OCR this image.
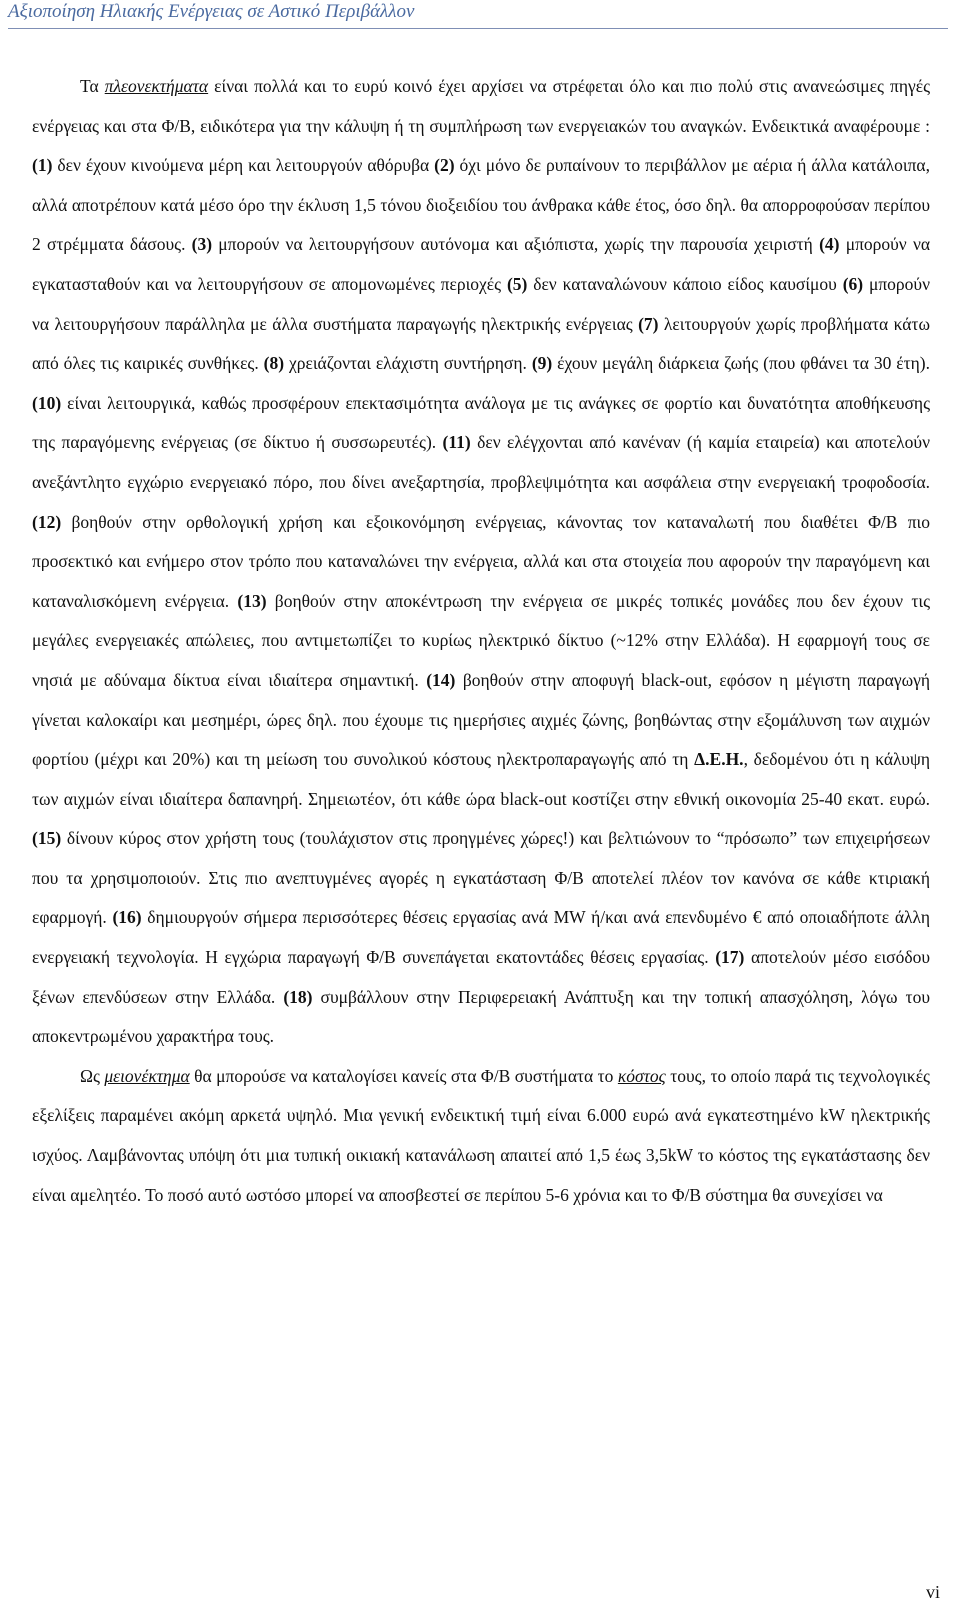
Αξιοποίηση Ηλιακής Ενέργειας σε Αστικό Περιβάλλον

Τα πλεονεκτήματα είναι πολλά και το ευρύ κοινό έχει αρχίσει να στρέφεται όλο και πιο πολύ στις ανανεώσιμες πηγές ενέργειας και στα Φ/Β, ειδικότερα για την κάλυψη ή τη συμπλήρωση των ενεργειακών του αναγκών. Ενδεικτικά αναφέρουμε : (1) δεν έχουν κινούμενα μέρη και λειτουργούν αθόρυβα (2) όχι μόνο δε ρυπαίνουν το περιβάλλον με αέρια ή άλλα κατάλοιπα, αλλά αποτρέπουν κατά μέσο όρο την έκλυση 1,5 τόνου διοξειδίου του άνθρακα κάθε έτος, όσο δηλ. θα απορροφούσαν περίπου 2 στρέμματα δάσους. (3) μπορούν να λειτουργήσουν αυτόνομα και αξιόπιστα, χωρίς την παρουσία χειριστή (4) μπορούν να εγκατασταθούν και να λειτουργήσουν σε απομονωμένες περιοχές (5) δεν καταναλώνουν κάποιο είδος καυσίμου (6) μπορούν να λειτουργήσουν παράλληλα με άλλα συστήματα παραγωγής ηλεκτρικής ενέργειας (7) λειτουργούν χωρίς προβλήματα κάτω από όλες τις καιρικές συνθήκες. (8) χρειάζονται ελάχιστη συντήρηση. (9) έχουν μεγάλη διάρκεια ζωής (που φθάνει τα 30 έτη). (10) είναι λειτουργικά, καθώς προσφέρουν επεκτασιμότητα ανάλογα με τις ανάγκες σε φορτίο και δυνατότητα αποθήκευσης της παραγόμενης ενέργειας (σε δίκτυο ή συσσωρευτές). (11) δεν ελέγχονται από κανέναν (ή καμία εταιρεία) και αποτελούν ανεξάντλητο εγχώριο ενεργειακό πόρο, που δίνει ανεξαρτησία, προβλεψιμότητα και ασφάλεια στην ενεργειακή τροφοδοσία. (12) βοηθούν στην ορθολογική χρήση και εξοικονόμηση ενέργειας, κάνοντας τον καταναλωτή που διαθέτει Φ/Β πιο προσεκτικό και ενήμερο στον τρόπο που καταναλώνει την ενέργεια, αλλά και στα στοιχεία που αφορούν την παραγόμενη και καταναλισκόμενη ενέργεια. (13) βοηθούν στην αποκέντρωση την ενέργεια σε μικρές τοπικές μονάδες που δεν έχουν τις μεγάλες ενεργειακές απώλειες, που αντιμετωπίζει το κυρίως ηλεκτρικό δίκτυο (~12% στην Ελλάδα). Η εφαρμογή τους σε νησιά με αδύναμα δίκτυα είναι ιδιαίτερα σημαντική. (14) βοηθούν στην αποφυγή black-out, εφόσον η μέγιστη παραγωγή γίνεται καλοκαίρι και μεσημέρι, ώρες δηλ. που έχουμε τις ημερήσιες αιχμές ζώνης, βοηθώντας στην εξομάλυνση των αιχμών φορτίου (μέχρι και 20%) και τη μείωση του συνολικού κόστους ηλεκτροπαραγωγής από τη Δ.Ε.Η., δεδομένου ότι η κάλυψη των αιχμών είναι ιδιαίτερα δαπανηρή. Σημειωτέον, ότι κάθε ώρα black-out κοστίζει στην εθνική οικονομία 25-40 εκατ. ευρώ. (15) δίνουν κύρος στον χρήστη τους (τουλάχιστον στις προηγμένες χώρες!) και βελτιώνουν το “πρόσωπο” των επιχειρήσεων που τα χρησιμοποιούν. Στις πιο ανεπτυγμένες αγορές η εγκατάσταση Φ/Β αποτελεί πλέον τον κανόνα σε κάθε κτιριακή εφαρμογή. (16) δημιουργούν σήμερα περισσότερες θέσεις εργασίας ανά MW ή/και ανά επενδυμένο € από οποιαδήποτε άλλη ενεργειακή τεχνολογία. Η εγχώρια παραγωγή Φ/Β συνεπάγεται εκατοντάδες θέσεις εργασίας. (17) αποτελούν μέσο εισόδου ξένων επενδύσεων στην Ελλάδα. (18) συμβάλλουν στην Περιφερειακή Ανάπτυξη και την τοπική απασχόληση, λόγω του αποκεντρωμένου χαρακτήρα τους.

Ως μειονέκτημα θα μπορούσε να καταλογίσει κανείς στα Φ/Β συστήματα το κόστος τους, το οποίο παρά τις τεχνολογικές εξελίξεις παραμένει ακόμη αρκετά υψηλό. Μια γενική ενδεικτική τιμή είναι 6.000 ευρώ ανά εγκατεστημένο kW ηλεκτρικής ισχύος. Λαμβάνοντας υπόψη ότι μια τυπική οικιακή κατανάλωση απαιτεί από 1,5 έως 3,5kW το κόστος της εγκατάστασης δεν είναι αμελητέο. Το ποσό αυτό ωστόσο μπορεί να αποσβεστεί σε περίπου 5-6 χρόνια και το Φ/Β σύστημα θα συνεχίσει να

vi
